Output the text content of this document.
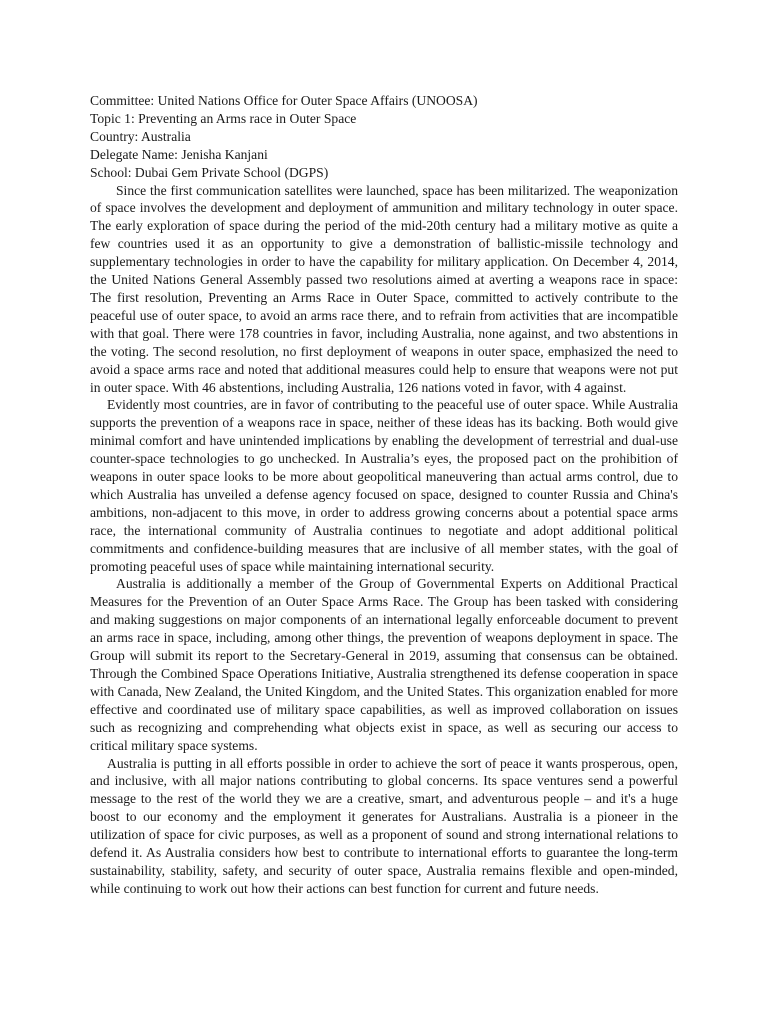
Committee: United Nations Office for Outer Space Affairs (UNOOSA)
Topic 1: Preventing an Arms race in Outer Space
Country: Australia
Delegate Name: Jenisha Kanjani
School: Dubai Gem Private School (DGPS)

Since the first communication satellites were launched, space has been militarized. The weaponization of space involves the development and deployment of ammunition and military technology in outer space. The early exploration of space during the period of the mid-20th century had a military motive as quite a few countries used it as an opportunity to give a demonstration of ballistic-missile technology and supplementary technologies in order to have the capability for military application. On December 4, 2014, the United Nations General Assembly passed two resolutions aimed at averting a weapons race in space: The first resolution, Preventing an Arms Race in Outer Space, committed to actively contribute to the peaceful use of outer space, to avoid an arms race there, and to refrain from activities that are incompatible with that goal. There were 178 countries in favor, including Australia, none against, and two abstentions in the voting. The second resolution, no first deployment of weapons in outer space, emphasized the need to avoid a space arms race and noted that additional measures could help to ensure that weapons were not put in outer space. With 46 abstentions, including Australia, 126 nations voted in favor, with 4 against.

Evidently most countries, are in favor of contributing to the peaceful use of outer space. While Australia supports the prevention of a weapons race in space, neither of these ideas has its backing. Both would give minimal comfort and have unintended implications by enabling the development of terrestrial and dual-use counter-space technologies to go unchecked. In Australia’s eyes, the proposed pact on the prohibition of weapons in outer space looks to be more about geopolitical maneuvering than actual arms control, due to which Australia has unveiled a defense agency focused on space, designed to counter Russia and China's ambitions, non-adjacent to this move, in order to address growing concerns about a potential space arms race, the international community of Australia continues to negotiate and adopt additional political commitments and confidence-building measures that are inclusive of all member states, with the goal of promoting peaceful uses of space while maintaining international security.

Australia is additionally a member of the Group of Governmental Experts on Additional Practical Measures for the Prevention of an Outer Space Arms Race. The Group has been tasked with considering and making suggestions on major components of an international legally enforceable document to prevent an arms race in space, including, among other things, the prevention of weapons deployment in space. The Group will submit its report to the Secretary-General in 2019, assuming that consensus can be obtained. Through the Combined Space Operations Initiative, Australia strengthened its defense cooperation in space with Canada, New Zealand, the United Kingdom, and the United States. This organization enabled for more effective and coordinated use of military space capabilities, as well as improved collaboration on issues such as recognizing and comprehending what objects exist in space, as well as securing our access to critical military space systems.

Australia is putting in all efforts possible in order to achieve the sort of peace it wants prosperous, open, and inclusive, with all major nations contributing to global concerns. Its space ventures send a powerful message to the rest of the world they we are a creative, smart, and adventurous people – and it's a huge boost to our economy and the employment it generates for Australians. Australia is a pioneer in the utilization of space for civic purposes, as well as a proponent of sound and strong international relations to defend it. As Australia considers how best to contribute to international efforts to guarantee the long-term sustainability, stability, safety, and security of outer space, Australia remains flexible and open-minded, while continuing to work out how their actions can best function for current and future needs.
